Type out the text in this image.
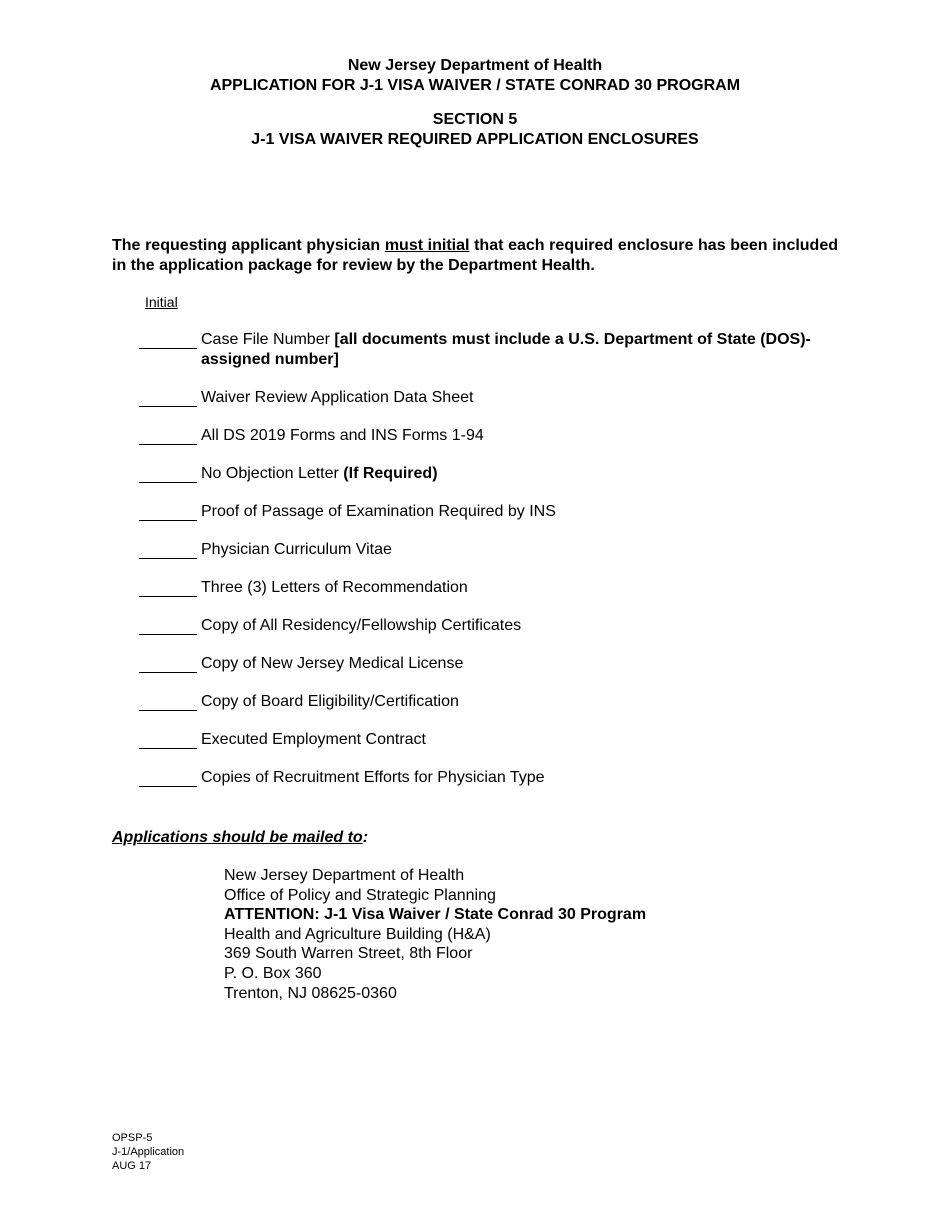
New Jersey Department of Health
APPLICATION FOR J-1 VISA WAIVER / STATE CONRAD 30 PROGRAM
SECTION 5
J-1 VISA WAIVER REQUIRED APPLICATION ENCLOSURES
The requesting applicant physician must initial that each required enclosure has been included in the application package for review by the Department Health.
Initial
Case File Number [all documents must include a U.S. Department of State (DOS)-assigned number]
Waiver Review Application Data Sheet
All DS 2019 Forms and INS Forms 1-94
No Objection Letter (If Required)
Proof of Passage of Examination Required by INS
Physician Curriculum Vitae
Three (3) Letters of Recommendation
Copy of All Residency/Fellowship Certificates
Copy of New Jersey Medical License
Copy of Board Eligibility/Certification
Executed Employment Contract
Copies of Recruitment Efforts for Physician Type
Applications should be mailed to:
New Jersey Department of Health
Office of Policy and Strategic Planning
ATTENTION: J-1 Visa Waiver / State Conrad 30 Program
Health and Agriculture Building (H&A)
369 South Warren Street, 8th Floor
P. O. Box 360
Trenton, NJ 08625-0360
OPSP-5
J-1/Application
AUG 17
